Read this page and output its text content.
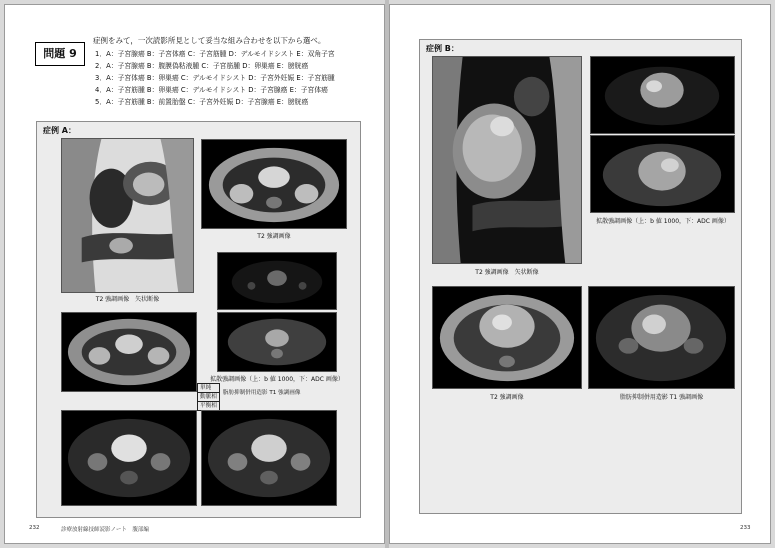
問題 9
症例をみて，一次読影所見として妥当な組み合わせを以下から選べ。
1．A：子宮腺癌 B：子宮体癌 C：子宮筋腫 D：デルモイドシスト E：双角子宮
2．A：子宮腺癌 B：腹膜偽粘液腫 C：子宮筋腫 D：卵巣癌 E：膀胱癌
3．A：子宮体癌 B：卵巣癌 C：デルモイドシスト D：子宮外妊娠 E：子宮筋腫
4．A：子宮筋腫 B：卵巣癌 C：デルモイドシスト D：子宮腺癌 E：子宮体癌
5．A：子宮筋腫 B：前置胎盤 C：子宮外妊娠 D：子宮腺癌 E：膀胱癌
症例 A：
T2 強調画像
T2 強調画像　矢状断像
拡散強調画像（上：b 値 1000，下：ADC 画像）
単純	脂肪抑制併用造影 T1 強調画像
動脈相	
平衡相	
232	診療放射線技師読影ノート　腹部編
症例 B：
T2 強調画像　矢状断像
拡散強調画像（上：b 値 1000，下：ADC 画像）
T2 強調画像	脂肪抑制併用造影 T1 強調画像
233
